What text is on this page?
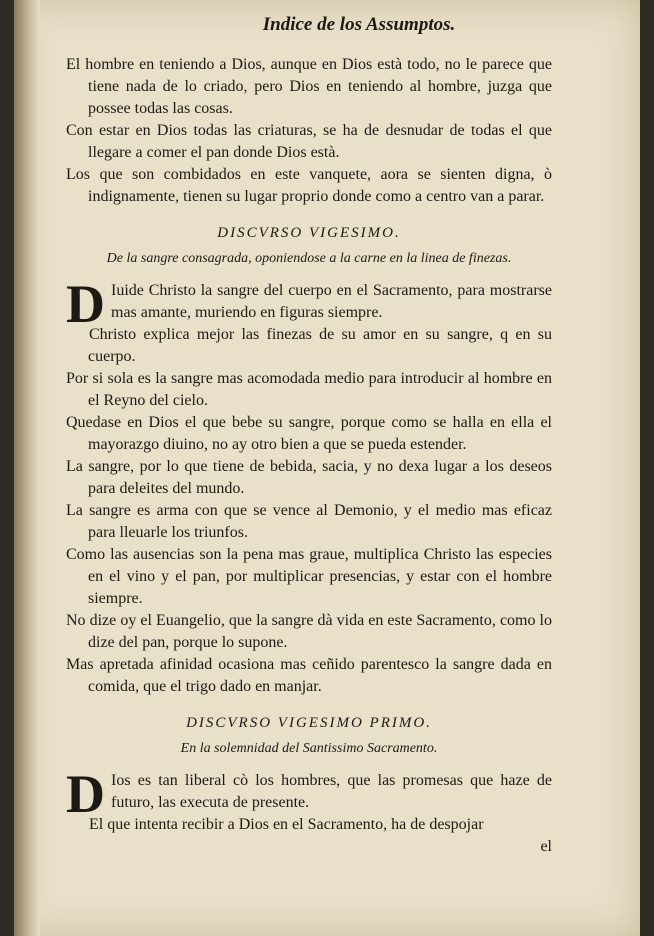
Indice de los Assumptos.

El hombre en teniendo a Dios, aunque en Dios està todo, no le parece que tiene nada de lo criado, pero Dios en teniendo al hombre, juzga que possee todas las cosas.

Con estar en Dios todas las criaturas, se ha de desnudar de todas el que llegare a comer el pan donde Dios està.

Los que son combidados en este vanquete, aora se sienten digna, ò indignamente, tienen su lugar proprio donde como a centro van a parar.

DISCVRSO VIGESIMO.
De la sangre consagrada, oponiendose a la carne en la linea de finezas.

D Iuide Christo la sangre del cuerpo en el Sacramento, para mostrarse mas amante, muriendo en figuras siempre.

Christo explica mejor las finezas de su amor en su sangre, q en su cuerpo.

Por si sola es la sangre mas acomodada medio para introducir al hombre en el Reyno del cielo.

Quedase en Dios el que bebe su sangre, porque como se halla en ella el mayorazgo diuino, no ay otro bien a que se pueda estender.

La sangre, por lo que tiene de bebida, sacia, y no dexa lugar a los deseos para deleites del mundo.

La sangre es arma con que se vence al Demonio, y el medio mas eficaz para lleuarle los triunfos.

Como las ausencias son la pena mas graue, multiplica Christo las especies en el vino y el pan, por multiplicar presencias, y estar con el hombre siempre.

No dize oy el Euangelio, que la sangre dà vida en este Sacramento, como lo dize del pan, porque lo supone.

Mas apretada afinidad ocasiona mas ceñido parentesco la sangre dada en comida, que el trigo dado en manjar.

DISCVRSO VIGESIMO PRIMO.
En la solemnidad del Santissimo Sacramento.

D Ios es tan liberal cò los hombres, que las promesas que haze de futuro, las executa de presente.

El que intenta recibir a Dios en el Sacramento, ha de despojar

el
